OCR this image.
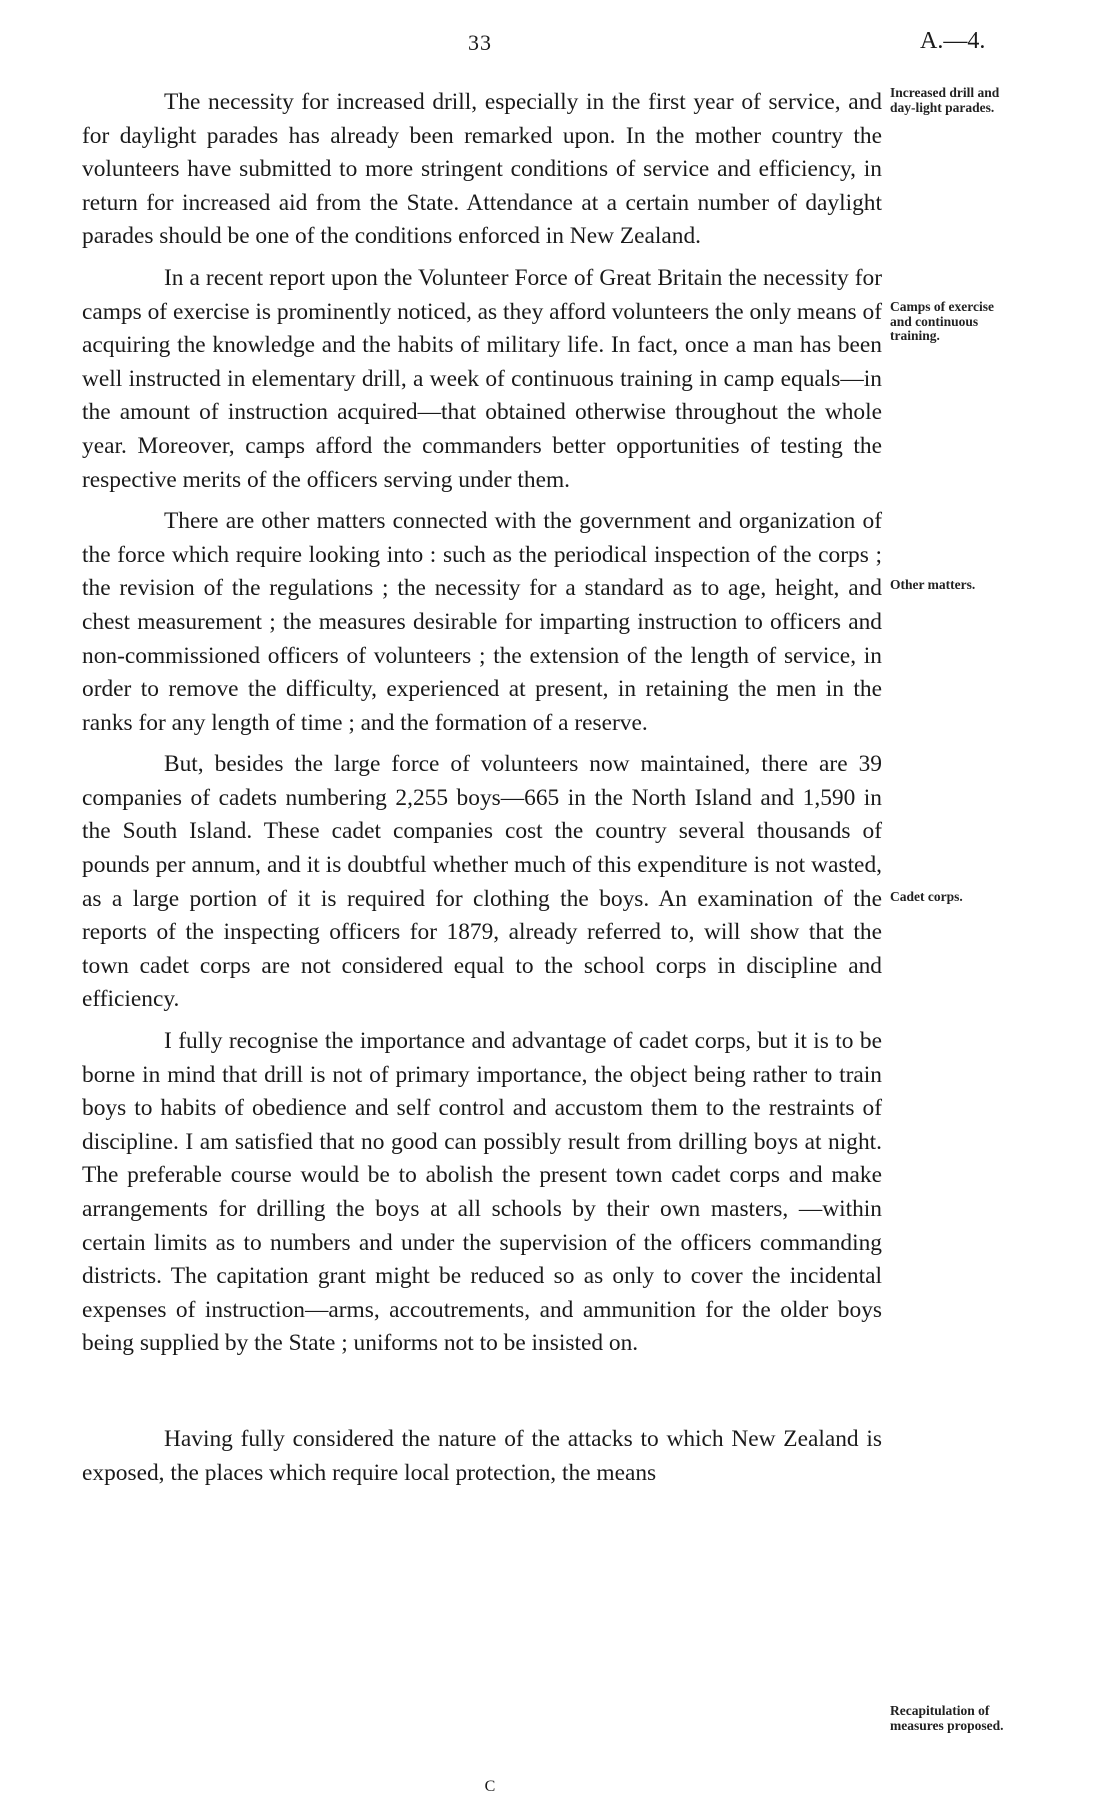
33	A.—4.

The necessity for increased drill, especially in the first year of service, and for daylight parades has already been remarked upon. In the mother country the volunteers have submitted to more stringent conditions of service and efficiency, in return for increased aid from the State. Attendance at a certain number of daylight parades should be one of the conditions enforced in New Zealand.

In a recent report upon the Volunteer Force of Great Britain the necessity for camps of exercise is prominently noticed, as they afford volunteers the only means of acquiring the knowledge and the habits of military life. In fact, once a man has been well instructed in elementary drill, a week of continuous training in camp equals—in the amount of instruction acquired—that obtained otherwise throughout the whole year. Moreover, camps afford the commanders better opportunities of testing the respective merits of the officers serving under them.

There are other matters connected with the government and organization of the force which require looking into : such as the periodical inspection of the corps ; the revision of the regulations ; the necessity for a standard as to age, height, and chest measurement ; the measures desirable for imparting instruction to officers and non-commissioned officers of volunteers ; the extension of the length of service, in order to remove the difficulty, experienced at present, in retaining the men in the ranks for any length of time ; and the formation of a reserve.

But, besides the large force of volunteers now maintained, there are 39 companies of cadets numbering 2,255 boys—665 in the North Island and 1,590 in the South Island. These cadet companies cost the country several thousands of pounds per annum, and it is doubtful whether much of this expenditure is not wasted, as a large portion of it is required for clothing the boys. An examination of the reports of the inspecting officers for 1879, already referred to, will show that the town cadet corps are not considered equal to the school corps in discipline and efficiency.

I fully recognise the importance and advantage of cadet corps, but it is to be borne in mind that drill is not of primary importance, the object being rather to train boys to habits of obedience and self control and accustom them to the restraints of discipline. I am satisfied that no good can possibly result from drilling boys at night. The preferable course would be to abolish the present town cadet corps and make arrangements for drilling the boys at all schools by their own masters, —within certain limits as to numbers and under the supervision of the officers commanding districts. The capitation grant might be reduced so as only to cover the incidental expenses of instruction—arms, accoutrements, and ammunition for the older boys being supplied by the State ; uniforms not to be insisted on.

Having fully considered the nature of the attacks to which New Zealand is exposed, the places which require local protection, the means

Increased drill and day-light parades.
Camps of exercise and continuous training.
Other matters.
Cadet corps.
Recapitulation of measures proposed.
C
